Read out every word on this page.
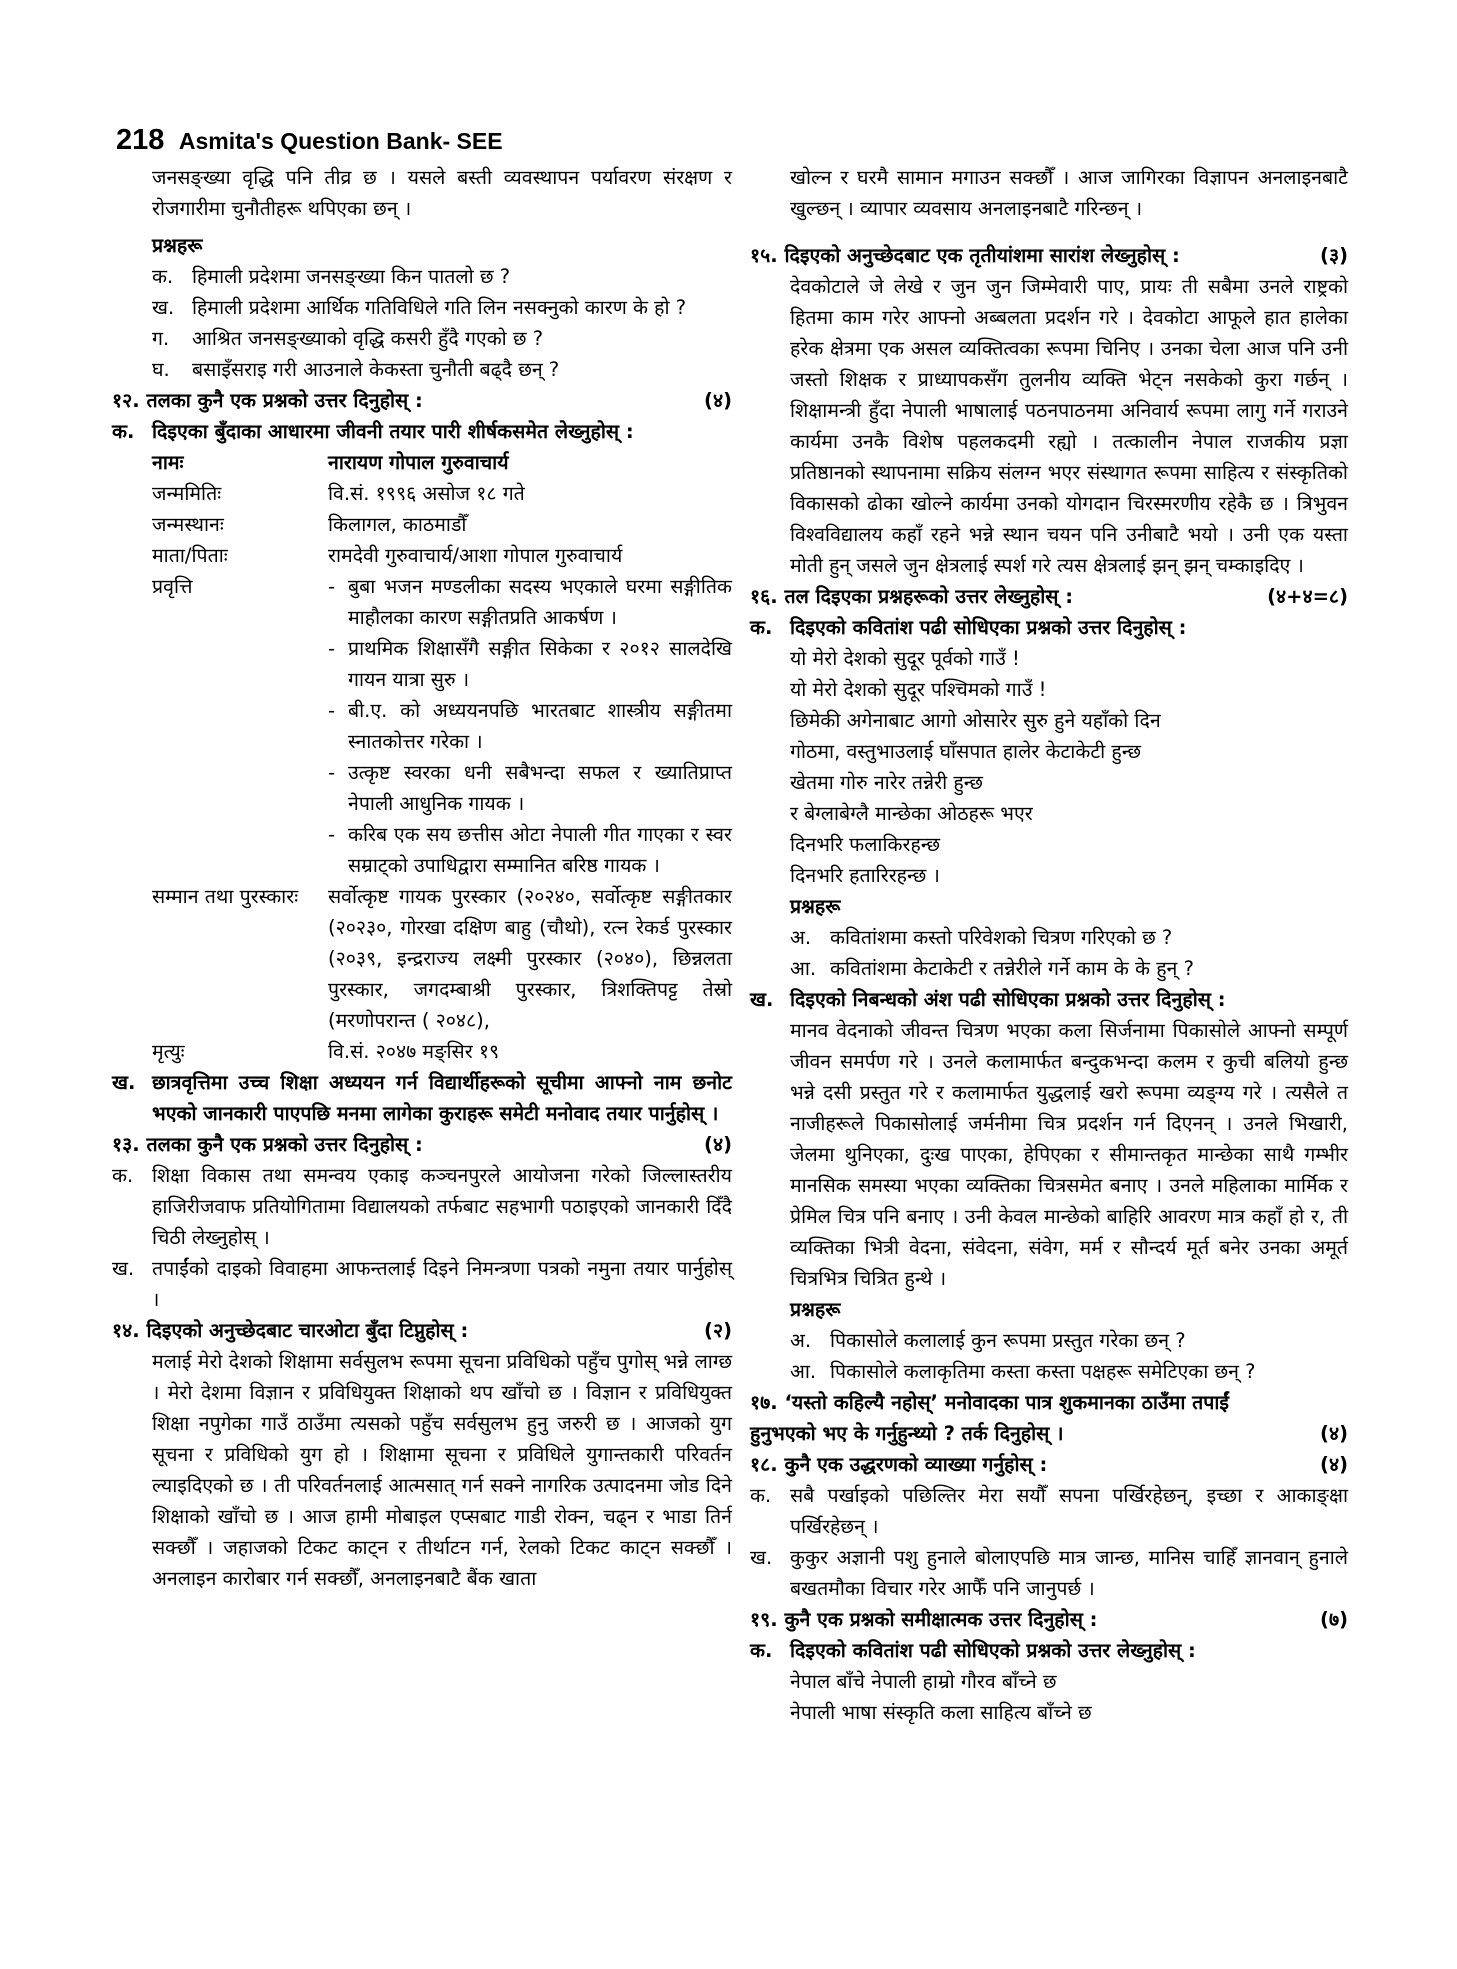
218 Asmita's Question Bank- SEE

जनसङ्ख्या वृद्धि पनि तीव्र छ । यसले बस्ती व्यवस्थापन पर्यावरण संरक्षण र रोजगारीमा चुनौतीहरू थपिएका छन् ।

प्रश्नहरू
क. हिमाली प्रदेशमा जनसङ्ख्या किन पातलो छ ?
ख. हिमाली प्रदेशमा आर्थिक गतिविधिले गति लिन नसक्नुको कारण के हो ?
ग.	आश्रित जनसङ्ख्याको वृद्धि कसरी हुँदै गएको छ ?
घ.	बसाइँसराइ गरी आउनाले केकस्ता चुनौती बढ्दै छन् ?
१२. तलका कुनै एक प्रश्नको उत्तर दिनुहोस् :	(४)
क. दिइएका बुँदाका आधारमा जीवनी तयार पारी शीर्षकसमेत लेख्नुहोस् :
नामः	नारायण गोपाल गुरुवाचार्य
जन्ममितिः	वि.सं. १९९६ असोज १८ गते
जन्मस्थानः	किलागल, काठमाडौँ
माता/पिताः	रामदेवी गुरुवाचार्य/आशा गोपाल गुरुवाचार्य
प्रवृत्ति	- बुबा भजन मण्डलीका सदस्य भएकाले घरमा सङ्गीतिक माहौलका कारण सङ्गीतप्रति आकर्षण ।
- प्राथमिक शिक्षासँगै सङ्गीत सिकेका र २०१२ सालदेखि गायन यात्रा सुरु ।
- बी.ए. को अध्ययनपछि भारतबाट शास्त्रीय सङ्गीतमा स्नातकोत्तर गरेका ।
- उत्कृष्ट स्वरका धनी सबैभन्दा सफल र ख्यातिप्राप्त नेपाली आधुनिक गायक ।
- करिब एक सय छत्तीस ओटा नेपाली गीत गाएका र स्वर सम्राट्को उपाधिद्वारा सम्मानित बरिष्ठ गायक ।
सम्मान तथा पुरस्कारः	सर्वोत्कृष्ट गायक पुरस्कार (२०२४०, सर्वोत्कृष्ट सङ्गीतकार (२०२३०, गोरखा दक्षिण बाहु (चौथो), रत्न रेकर्ड पुरस्कार (२०३९, इन्द्रराज्य लक्ष्मी पुरस्कार (२०४०), छिन्नलता पुरस्कार, जगदम्बाश्री पुरस्कार, त्रिशक्तिपट्ट तेस्रो (मरणोपरान्त ( २०४८),
मृत्युः	वि.सं. २०४७ मङ्सिर १९
ख. छात्रवृत्तिमा उच्च शिक्षा अध्ययन गर्न विद्यार्थीहरूको सूचीमा आफ्नो नाम छनोट भएको जानकारी पाएपछि मनमा लागेका कुराहरू समेटी मनोवाद तयार पार्नुहोस् ।
१३. तलका कुनै एक प्रश्नको उत्तर दिनुहोस् :	(४)
क. शिक्षा विकास तथा समन्वय एकाइ कञ्चनपुरले आयोजना गरेको जिल्लास्तरीय हाजिरीजवाफ प्रतियोगितामा विद्यालयको तर्फबाट सहभागी पठाइएको जानकारी दिँदै चिठी लेख्नुहोस् ।
ख. तपाईंको दाइको विवाहमा आफन्तलाई दिइने निमन्त्रणा पत्रको नमुना तयार पार्नुहोस् ।
१४. दिइएको अनुच्छेदबाट चारओटा बुँदा टिप्नुहोस् :	(२)

मलाई मेरो देशको शिक्षामा सर्वसुलभ रूपमा सूचना प्रविधिको पहुँच पुगोस् भन्ने लाग्छ । मेरो देशमा विज्ञान र प्रविधियुक्त शिक्षाको थप खाँचो छ । विज्ञान र प्रविधियुक्त शिक्षा नपुगेका गाउँ ठाउँमा त्यसको पहुँच सर्वसुलभ हुनु जरुरी छ । आजको युग सूचना र प्रविधिको युग हो । शिक्षामा सूचना र प्रविधिले युगान्तकारी परिवर्तन ल्याइदिएको छ । ती परिवर्तनलाई आत्मसात् गर्न सक्ने नागरिक उत्पादनमा जोड दिने शिक्षाको खाँचो छ । आज हामी मोबाइल एप्सबाट गाडी रोक्न, चढ्न र भाडा तिर्न सक्छौँ । जहाजको टिकट काट्न र तीर्थाटन गर्न, रेलको टिकट काट्न सक्छौँ । अनलाइन कारोबार गर्न सक्छौँ, अनलाइनबाटै बैंक खाता

खोल्न र घरमै सामान मगाउन सक्छौँ । आज जागिरका विज्ञापन अनलाइनबाटै खुल्छन् । व्यापार व्यवसाय अनलाइनबाटै गरिन्छन् ।

१५. दिइएको अनुच्छेदबाट एक तृतीयांशमा सारांश लेख्नुहोस् :	(३)

देवकोटाले जे लेखे र जुन जुन जिम्मेवारी पाए, प्रायः ती सबैमा उनले राष्ट्रको हितमा काम गरेर आफ्नो अब्बलता प्रदर्शन गरे । देवकोटा आफूले हात हालेका हरेक क्षेत्रमा एक असल व्यक्तित्वका रूपमा चिनिए । उनका चेला आज पनि उनी जस्तो शिक्षक र प्राध्यापकसँग तुलनीय व्यक्ति भेट्न नसकेको कुरा गर्छन् । शिक्षामन्त्री हुँदा नेपाली भाषालाई पठनपाठनमा अनिवार्य रूपमा लागु गर्ने गराउने कार्यमा उनकै विशेष पहलकदमी रह्यो । तत्कालीन नेपाल राजकीय प्रज्ञा प्रतिष्ठानको स्थापनामा सक्रिय संलग्न भएर संस्थागत रूपमा साहित्य र संस्कृतिको विकासको ढोका खोल्ने कार्यमा उनको योगदान चिरस्मरणीय रहेकै छ । त्रिभुवन विश्वविद्यालय कहाँ रहने भन्ने स्थान चयन पनि उनीबाटै भयो । उनी एक यस्ता मोती हुन् जसले जुन क्षेत्रलाई स्पर्श गरे त्यस क्षेत्रलाई झन् झन् चम्काइदिए ।

१६. तल दिइएका प्रश्नहरूको उत्तर लेख्नुहोस् :	(४+४=८)
क. दिइएको कवितांश पढी सोधिएका प्रश्नको उत्तर दिनुहोस् :
यो मेरो देशको सुदूर पूर्वको गाउँ !
यो मेरो देशको सुदूर पश्चिमको गाउँ !
छिमेकी अगेनाबाट आगो ओसारेर सुरु हुने यहाँको दिन
गोठमा, वस्तुभाउलाई घाँसपात हालेर केटाकेटी हुन्छ
खेतमा गोरु नारेर तन्नेरी हुन्छ
र बेग्लाबेग्लै मान्छेका ओठहरू भएर
दिनभरि फलाकिरहन्छ
दिनभरि हतारिरहन्छ ।
प्रश्नहरू
अ. कवितांशमा कस्तो परिवेशको चित्रण गरिएको छ ?
आ. कवितांशमा केटाकेटी र तन्नेरीले गर्ने काम के के हुन् ?
ख. दिइएको निबन्धको अंश पढी सोधिएका प्रश्नको उत्तर दिनुहोस् :

मानव वेदनाको जीवन्त चित्रण भएका कला सिर्जनामा पिकासोले आफ्नो सम्पूर्ण जीवन समर्पण गरे । उनले कलामार्फत बन्दुकभन्दा कलम र कुची बलियो हुन्छ भन्ने दसी प्रस्तुत गरे र कलामार्फत युद्धलाई खरो रूपमा व्यङ्ग्य गरे । त्यसैले त नाजीहरूले पिकासोलाई जर्मनीमा चित्र प्रदर्शन गर्न दिएनन् । उनले भिखारी, जेलमा थुनिएका, दुःख पाएका, हेपिएका र सीमान्तकृत मान्छेका साथै गम्भीर मानसिक समस्या भएका व्यक्तिका चित्रसमेत बनाए । उनले महिलाका मार्मिक र प्रेमिल चित्र पनि बनाए । उनी केवल मान्छेको बाहिरि आवरण मात्र कहाँ हो र, ती व्यक्तिका भित्री वेदना, संवेदना, संवेग, मर्म र सौन्दर्य मूर्त बनेर उनका अमूर्त चित्रभित्र चित्रित हुन्थे ।

प्रश्नहरू
अ. पिकासोले कलालाई कुन रूपमा प्रस्तुत गरेका छन् ?
आ. पिकासोले कलाकृतिमा कस्ता कस्ता पक्षहरू समेटिएका छन् ?
१७. ‘यस्तो कहिल्यै नहोस्’ मनोवादका पात्र शुकमानका ठाउँमा तपाईं हुनुभएको भए के गर्नुहुन्थ्यो ? तर्क दिनुहोस् ।	(४)
१८. कुनै एक उद्धरणको व्याख्या गर्नुहोस् :	(४)
क. सबै पर्खाइको पछिल्तिर मेरा सयौँ सपना पर्खिरहेछन्, इच्छा र आकाङ्क्षा पर्खिरहेछन् ।
ख. कुकुर अज्ञानी पशु हुनाले बोलाएपछि मात्र जान्छ, मानिस चाहिँ ज्ञानवान् हुनाले बखतमौका विचार गरेर आफैँ पनि जानुपर्छ ।
१९. कुनै एक प्रश्नको समीक्षात्मक उत्तर दिनुहोस् :	(७)
क. दिइएको कवितांश पढी सोधिएको प्रश्नको उत्तर लेख्नुहोस् :
नेपाल बाँचे नेपाली हाम्रो गौरव बाँच्ने छ
नेपाली भाषा संस्कृति कला साहित्य बाँच्ने छ
